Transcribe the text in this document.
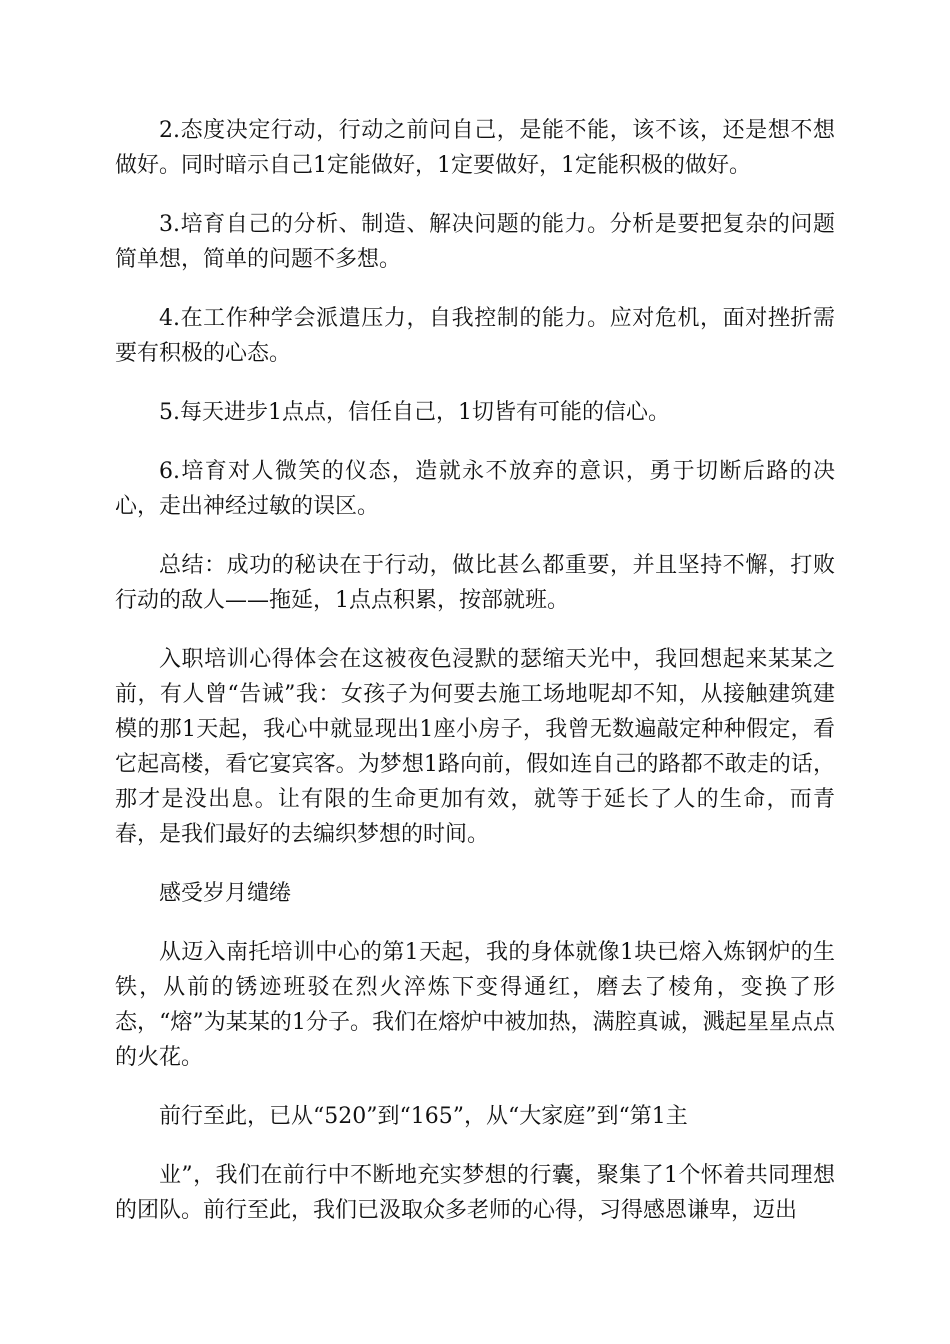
2.态度决定行动，行动之前问自己，是能不能，该不该，还是想不想做好。同时暗示自己1定能做好，1定要做好，1定能积极的做好。

3.培育自己的分析、制造、解决问题的能力。分析是要把复杂的问题简单想，简单的问题不多想。

4.在工作种学会派遣压力，自我控制的能力。应对危机，面对挫折需要有积极的心态。

5.每天进步1点点，信任自己，1切皆有可能的信心。

6.培育对人微笑的仪态，造就永不放弃的意识，勇于切断后路的决心，走出神经过敏的误区。

总结：成功的秘诀在于行动，做比甚么都重要，并且坚持不懈，打败行动的敌人——拖延，1点点积累，按部就班。

入职培训心得体会在这被夜色浸默的瑟缩天光中，我回想起来某某之前，有人曾“告诫”我：女孩子为何要去施工场地呢却不知，从接触建筑建模的那1天起，我心中就显现出1座小房子，我曾无数遍敲定种种假定，看它起高楼，看它宴宾客。为梦想1路向前，假如连自己的路都不敢走的话，那才是没出息。让有限的生命更加有效，就等于延长了人的生命，而青春，是我们最好的去编织梦想的时间。

感受岁月缱绻

从迈入南托培训中心的第1天起，我的身体就像1块已熔入炼钢炉的生铁，从前的锈迹班驳在烈火淬炼下变得通红，磨去了棱角，变换了形态，“熔”为某某的1分子。我们在熔炉中被加热，满腔真诚，溅起星星点点的火花。

前行至此，已从“520”到“165”，从“大家庭”到“第1主

业”，我们在前行中不断地充实梦想的行囊，聚集了1个怀着共同理想的团队。前行至此，我们已汲取众多老师的心得，习得感恩谦卑，迈出
